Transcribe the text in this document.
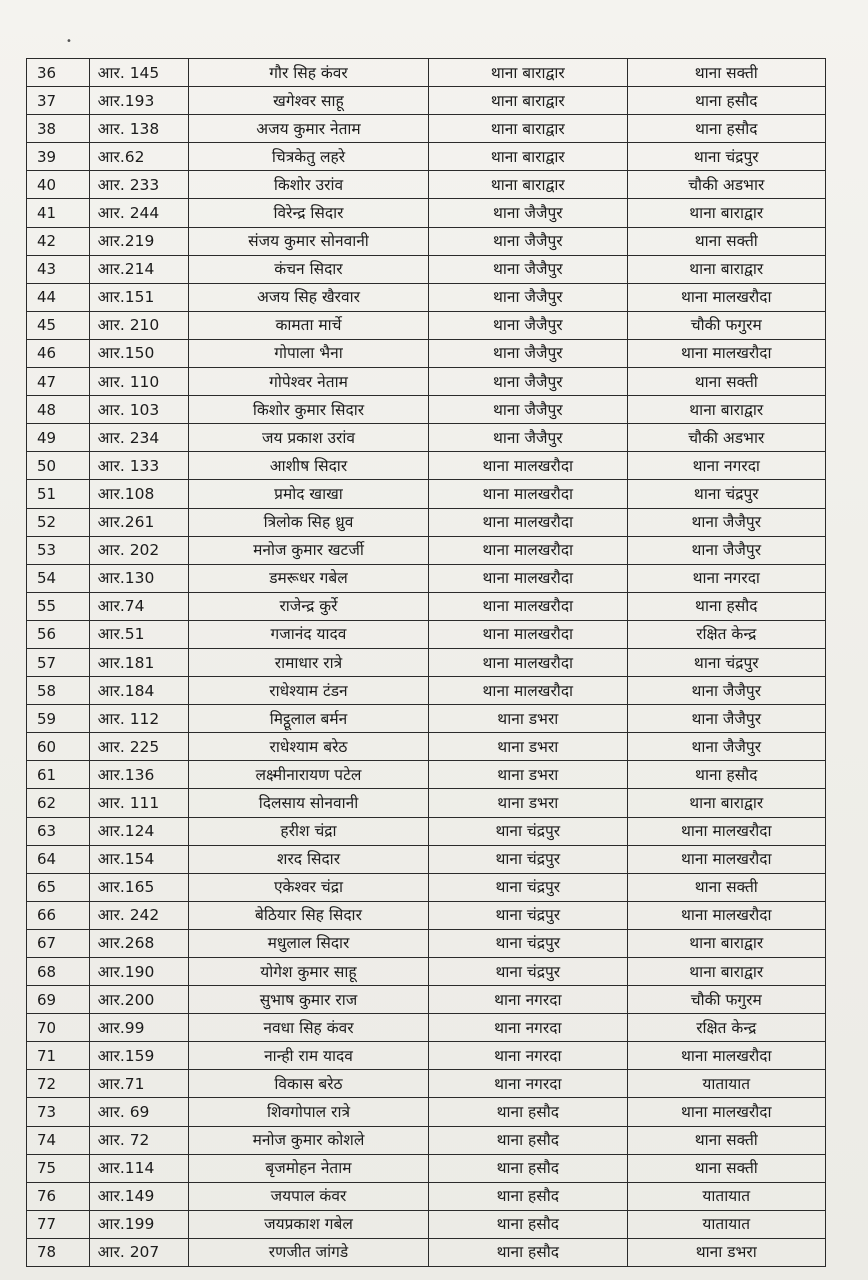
•
36	आर. 145	गौर सिह कंवर	थाना बाराद्वार	थाना सक्ती
37	आर.193	खगेश्वर साहू	थाना बाराद्वार	थाना हसौद
38	आर. 138	अजय कुमार नेताम	थाना बाराद्वार	थाना हसौद
39	आर.62	चित्रकेतु लहरे	थाना बाराद्वार	थाना चंद्रपुर
40	आर. 233	किशोर उरांव	थाना बाराद्वार	चौकी अडभार
41	आर. 244	विरेन्द्र सिदार	थाना जैजैपुर	थाना बाराद्वार
42	आर.219	संजय कुमार सोनवानी	थाना जैजैपुर	थाना सक्ती
43	आर.214	कंचन सिदार	थाना जैजैपुर	थाना बाराद्वार
44	आर.151	अजय सिह खैरवार	थाना जैजैपुर	थाना मालखरौदा
45	आर. 210	कामता मार्चे	थाना जैजैपुर	चौकी फगुरम
46	आर.150	गोपाला भैना	थाना जैजैपुर	थाना मालखरौदा
47	आर. 110	गोपेश्वर नेताम	थाना जैजैपुर	थाना सक्ती
48	आर. 103	किशोर कुमार सिदार	थाना जैजैपुर	थाना बाराद्वार
49	आर. 234	जय प्रकाश उरांव	थाना जैजैपुर	चौकी अडभार
50	आर. 133	आशीष सिदार	थाना मालखरौदा	थाना नगरदा
51	आर.108	प्रमोद खाखा	थाना मालखरौदा	थाना चंद्रपुर
52	आर.261	त्रिलोक सिह ध्रुव	थाना मालखरौदा	थाना जैजैपुर
53	आर. 202	मनोज कुमार खटर्जी	थाना मालखरौदा	थाना जैजैपुर
54	आर.130	डमरूधर गबेल	थाना मालखरौदा	थाना नगरदा
55	आर.74	राजेन्द्र कुर्रे	थाना मालखरौदा	थाना हसौद
56	आर.51	गजानंद यादव	थाना मालखरौदा	रक्षित केन्द्र
57	आर.181	रामाधार रात्रे	थाना मालखरौदा	थाना चंद्रपुर
58	आर.184	राधेश्याम टंडन	थाना मालखरौदा	थाना जैजैपुर
59	आर. 112	मिट्ठूलाल बर्मन	थाना डभरा	थाना जैजैपुर
60	आर. 225	राधेश्याम बरेठ	थाना डभरा	थाना जैजैपुर
61	आर.136	लक्ष्मीनारायण पटेल	थाना डभरा	थाना हसौद
62	आर. 111	दिलसाय सोनवानी	थाना डभरा	थाना बाराद्वार
63	आर.124	हरीश चंद्रा	थाना चंद्रपुर	थाना मालखरौदा
64	आर.154	शरद सिदार	थाना चंद्रपुर	थाना मालखरौदा
65	आर.165	एकेश्वर चंद्रा	थाना चंद्रपुर	थाना सक्ती
66	आर. 242	बेठियार सिह सिदार	थाना चंद्रपुर	थाना मालखरौदा
67	आर.268	मधुलाल सिदार	थाना चंद्रपुर	थाना बाराद्वार
68	आर.190	योगेश कुमार साहू	थाना चंद्रपुर	थाना बाराद्वार
69	आर.200	सुभाष कुमार राज	थाना नगरदा	चौकी फगुरम
70	आर.99	नवधा सिह कंवर	थाना नगरदा	रक्षित केन्द्र
71	आर.159	नान्ही राम यादव	थाना नगरदा	थाना मालखरौदा
72	आर.71	विकास बरेठ	थाना नगरदा	यातायात
73	आर. 69	शिवगोपाल रात्रे	थाना हसौद	थाना मालखरौदा
74	आर. 72	मनोज कुमार कोशले	थाना हसौद	थाना सक्ती
75	आर.114	बृजमोहन नेताम	थाना हसौद	थाना सक्ती
76	आर.149	जयपाल कंवर	थाना हसौद	यातायात
77	आर.199	जयप्रकाश गबेल	थाना हसौद	यातायात
78	आर. 207	रणजीत जांगडे	थाना हसौद	थाना डभरा
